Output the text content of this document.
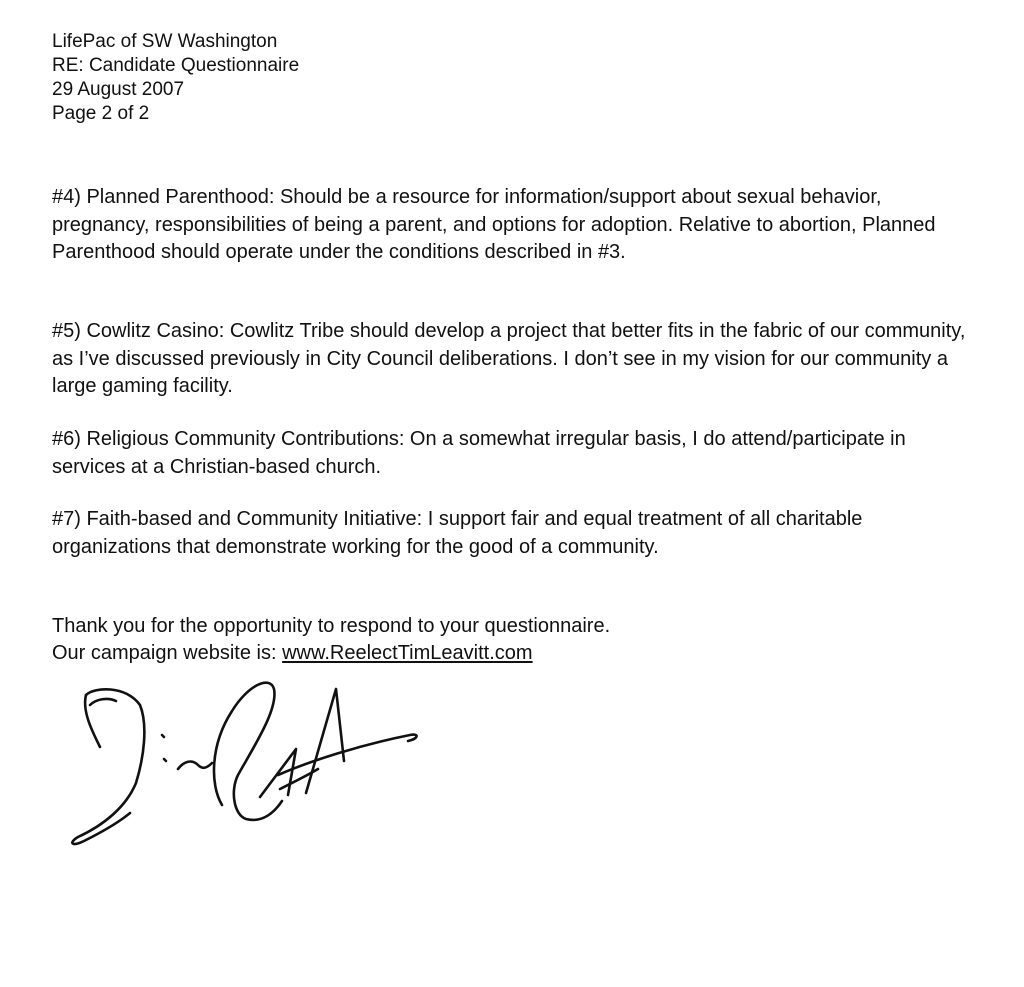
LifePac of SW Washington
RE: Candidate Questionnaire
29 August 2007
Page 2 of 2

#4) Planned Parenthood: Should be a resource for information/support about sexual behavior, pregnancy, responsibilities of being a parent, and options for adoption. Relative to abortion, Planned Parenthood should operate under the conditions described in #3.

#5) Cowlitz Casino: Cowlitz Tribe should develop a project that better fits in the fabric of our community, as I’ve discussed previously in City Council deliberations. I don’t see in my vision for our community a large gaming facility.

#6) Religious Community Contributions: On a somewhat irregular basis, I do attend/participate in services at a Christian-based church.

#7) Faith-based and Community Initiative: I support fair and equal treatment of all charitable organizations that demonstrate working for the good of a community.

Thank you for the opportunity to respond to your questionnaire.
Our campaign website is: www.ReelectTimLeavitt.com
